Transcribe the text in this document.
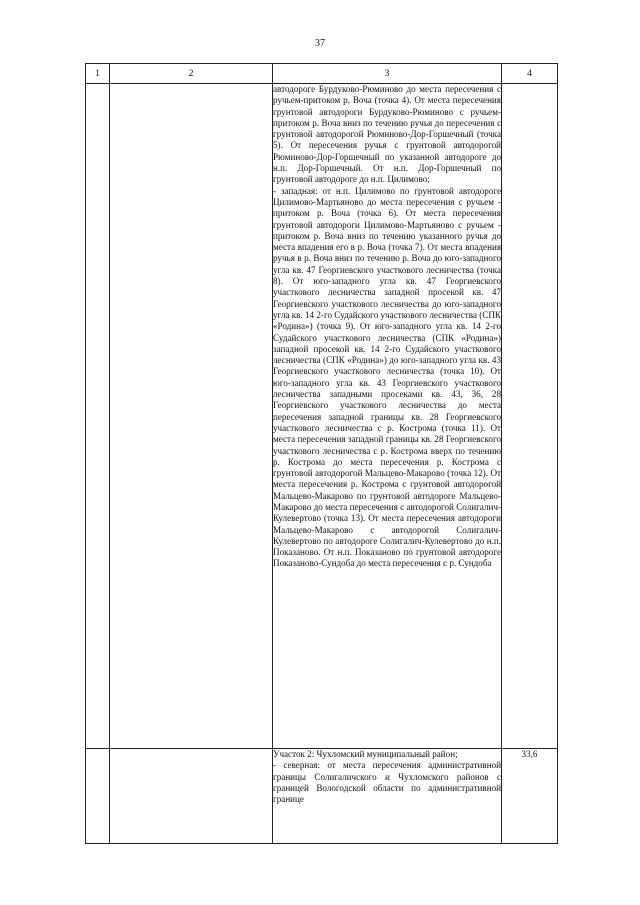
37
1	2	3	4

		автодороге Бурдуково-Рюминово до места пересечения с ручьем-притоком р. Воча (точка 4). От места пересечения грунтовой автодороги Бурдуково-Рюминово с ручьем-притоком р. Воча вниз по течению ручья до пересечения с грунтовой автодорогой Рюминово-Дор-Горшечный (точка 5). От пересечения ручья с грунтовой автодорогой Рюминово-Дор-Горшечный по указанной автодороге до н.п. Дор-Горшечный. От н.п. Дор-Горшечный по грунтовой автодороге до н.п. Цилимово;

- западная: от н.п. Цилимово по грунтовой автодороге Цилимово-Мартьяново до места пересечения с ручьем - притоком р. Воча (точка 6). От места пересечения грунтовой автодороги Цилимово-Мартьяново с ручьем - притоком р. Воча вниз по течению указанного ручья до места впадения его в р. Воча (точка 7). От места впадения ручья в р. Воча вниз по течению р. Воча до юго-западного угла кв. 47 Георгиевского участкового лесничества (точка 8). От юго-западного угла кв. 47 Георгиевского участкового лесничества западной просекой кв. 47 Георгиевского участкового лесничества до юго-западного угла кв. 14 2-го Судайского участкового лесничества (СПК «Родина») (точка 9). От юго-западного угла кв. 14 2-го Судайского участкового лесничества (СПК «Родина») западной просекой кв. 14 2-го Судайского участкового лесничества (СПК «Родина») до юго-западного угла кв. 43 Георгиевского участкового лесничества (точка 10). От юго-западного угла кв. 43 Георгиевского участкового лесничества западными просеками кв. 43, 36, 28 Георгиевского участкового лесничества до места пересечения западной границы кв. 28 Георгиевского участкового лесничества с р. Кострома (точка 11). От места пересечения западной границы кв. 28 Георгиевского участкового лесничества с р. Кострома вверх по течению р. Кострома до места пересечения р. Кострома с грунтовой автодорогой Мальцево-Макарово (точка 12). От места пересечения р. Кострома с грунтовой автодорогой Мальцево-Макарово по грунтовой автодороге Мальцево-Макарово до места пересечения с автодорогой Солигалич-Кулевертово (точка 13). От места пересечения автодороги Мальцево-Макарово с автодорогой Солигалич-Кулевертово по автодороге Солигалич-Кулевертово до н.п. Показаново. От н.п. Показаново по грунтовой автодороге Показаново-Сундоба до места пересечения с р. Сундоба	

		Участок 2: Чухломский муниципальный район;

- северная: от места пересечения административной границы Солигаличского и Чухломского районов с границей Вологодской области по административной границе	33,6
